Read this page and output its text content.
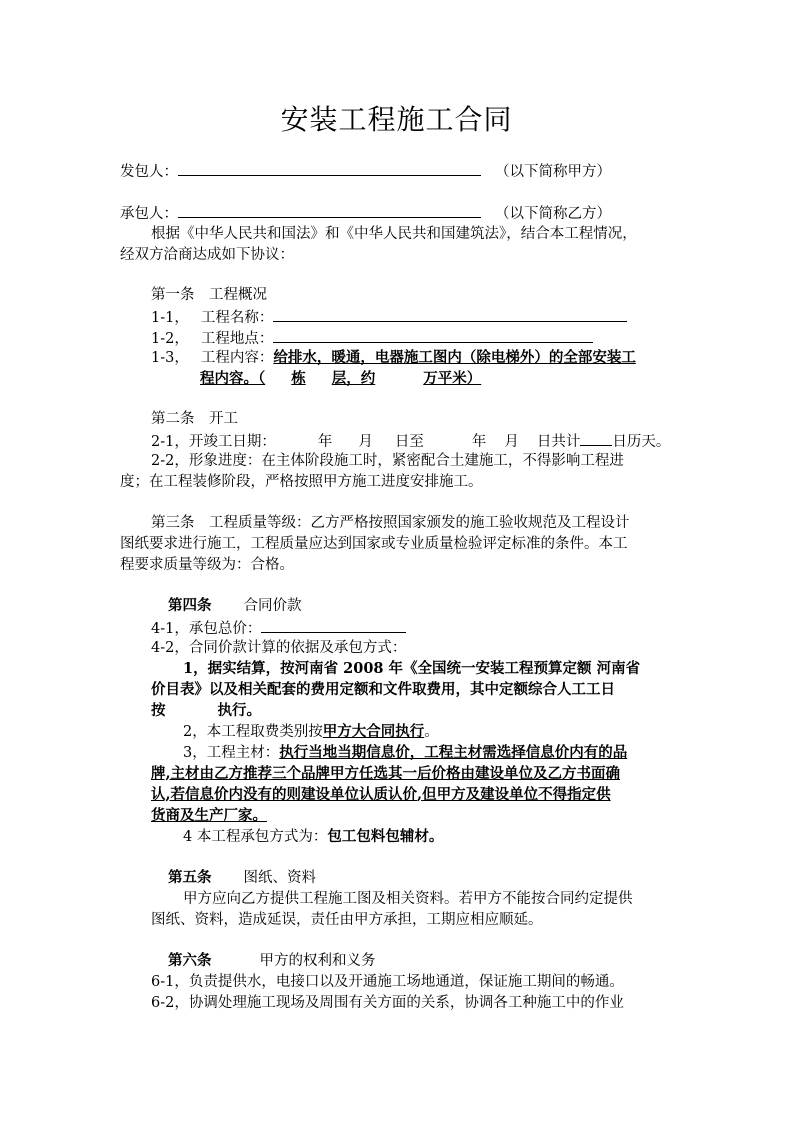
安装工程施工合同
发包人：	（以下简称甲方）
承包人：	（以下简称乙方）
根据《中华人民共和国法》和《中华人民共和国建筑法》，结合本工程情况，
经双方洽商达成如下协议：
第一条　工程概况
1-1， 工程名称：
1-2， 工程地点：
1-3， 工程内容：给排水，暖通，电器施工图内（除电梯外）的全部安装工
程内容。（ 栋 层，约	万平米）
第二条　开工
2-1，开竣工日期：	年 月 日至	年 月 日共计 日历天。
2-2，形象进度：在主体阶段施工时，紧密配合土建施工，不得影响工程进
度；在工程装修阶段，严格按照甲方施工进度安排施工。
第三条　工程质量等级：乙方严格按照国家颁发的施工验收规范及工程设计
图纸要求进行施工，工程质量应达到国家或专业质量检验评定标准的条件。本工
程要求质量等级为：合格。
第四条 合同价款
4-1，承包总价：
4-2，合同价款计算的依据及承包方式：
1，据实结算，按河南省 2008 年《全国统一安装工程预算定额 河南省
价目表》以及相关配套的费用定额和文件取费用，其中定额综合人工工日
按	执行。
2，本工程取费类别按甲方大合同执行。
3，工程主材：执行当地当期信息价，工程主材需选择信息价内有的品
牌,主材由乙方推荐三个品牌甲方任选其一后价格由建设单位及乙方书面确
认,若信息价内没有的则建设单位认质认价,但甲方及建设单位不得指定供
货商及生产厂家。
4 本工程承包方式为：包工包料包辅材。
第五条 图纸、资料
甲方应向乙方提供工程施工图及相关资料。若甲方不能按合同约定提供
图纸、资料，造成延误，责任由甲方承担，工期应相应顺延。
第六条	甲方的权利和义务
6-1，负责提供水，电接口以及开通施工场地通道，保证施工期间的畅通。
6-2，协调处理施工现场及周围有关方面的关系，协调各工种施工中的作业
